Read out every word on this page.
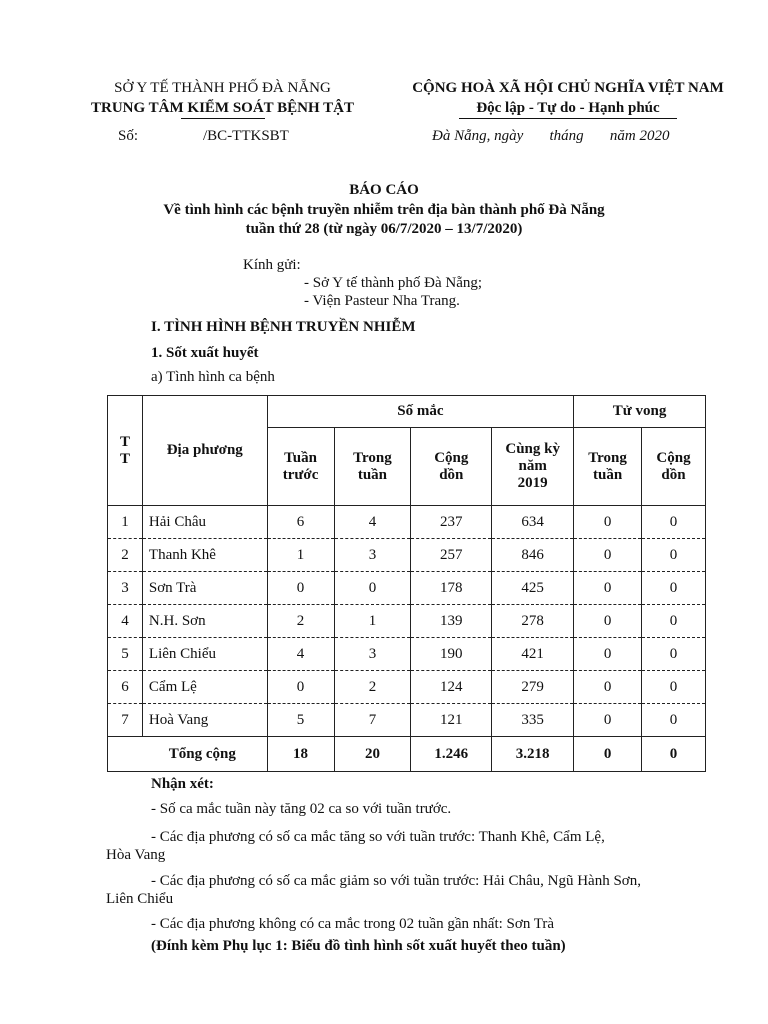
SỞ Y TẾ THÀNH PHỐ ĐÀ NẴNG
TRUNG TÂM KIỂM SOÁT BỆNH TẬT
CỘNG HOÀ XÃ HỘI CHỦ NGHĨA VIỆT NAM
Độc lập - Tự do - Hạnh phúc
Số:	/BC-TTKSBT	Đà Nẵng, ngày       tháng       năm 2020
BÁO CÁO
Về tình hình các bệnh truyền nhiễm trên địa bàn thành phố Đà Nẵng
tuần thứ 28 (từ ngày 06/7/2020 – 13/7/2020)
Kính gửi:
- Sở Y tế thành phố Đà Nẵng;
- Viện Pasteur Nha Trang.
I. TÌNH HÌNH BỆNH TRUYỀN NHIỄM
1. Sốt xuất huyết
a) Tình hình ca bệnh
T T	Địa phương	Số mắc				Tử vong	

		Tuần trước	Trong tuần	Cộng dồn	Cùng kỳ năm 2019	Trong tuần	Cộng dồn

1	Hải Châu	6	4	237	634	0	0
2	Thanh Khê	1	3	257	846	0	0
3	Sơn Trà	0	0	178	425	0	0
4	N.H. Sơn	2	1	139	278	0	0
5	Liên Chiểu	4	3	190	421	0	0
6	Cẩm Lệ	0	2	124	279	0	0
7	Hoà Vang	5	7	121	335	0	0
Tổng cộng		18	20	1.246	3.218	0	0
Nhận xét:
- Số ca mắc tuần này tăng 02 ca so với tuần trước.
- Các địa phương có số ca mắc tăng so với tuần trước: Thanh Khê, Cẩm Lệ,
Hòa Vang
- Các địa phương có số ca mắc giảm so với tuần trước: Hải Châu, Ngũ Hành Sơn,
Liên Chiểu
- Các địa phương không có ca mắc trong 02 tuần gần nhất: Sơn Trà
(Đính kèm Phụ lục 1: Biểu đồ tình hình sốt xuất huyết theo tuần)
